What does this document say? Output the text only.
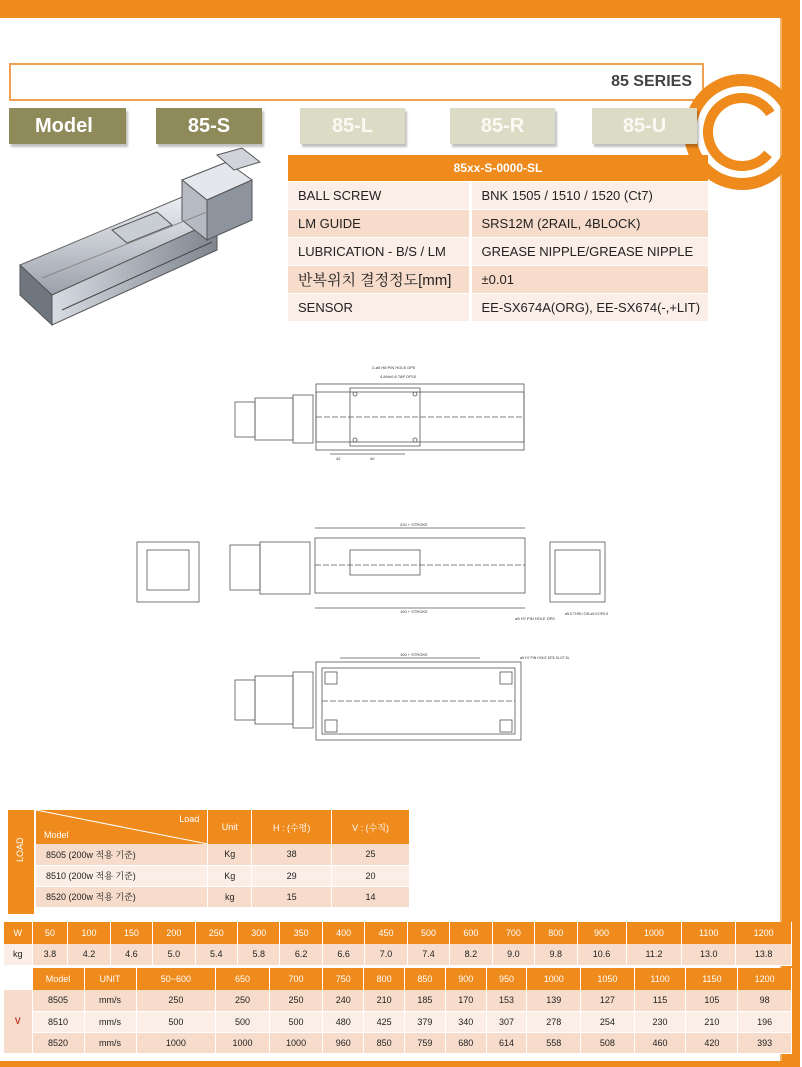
85 SERIES
Model	85-S	85-L	85-R	85-U
85xx-S-0000-SL	
BALL SCREW	BNK 1505 / 1510 / 1520 (Ct7)
LM GUIDE	SRS12M (2RAIL, 4BLOCK)
LUBRICATION - B/S / LM	GREASE NIPPLE/GREASE NIPPLE
반복위치 결정정도[mm]	±0.01
SENSOR	EE-SX674A(ORG), EE-SX674(-,+LIT)
2-ø5 H8 PIN HOLE DP5
4-M4x0.6 TAP DP10
42	40
220 + STROKE
100 + STROKE
ø5 H7 PIN HOLE DP5
ø5.5 THRU C/B ø9.5 DP5.5
100 + STROKE
ø5 H7 PIN HOLE DP5 SLOT 5L
LOAD
Load
Model	Unit	H : (수평)	V : (수직)
8505 (200w 적용 기준)	Kg	38	25
8510 (200w 적용 기준)	Kg	29	20
8520 (200w 적용 기준)	kg	15	14
W	50	100	150	200	250	300	350	400	450	500	600	700	800	900	1000	1100	1200
kg	3.8	4.2	4.6	5.0	5.4	5.8	6.2	6.6	7.0	7.4	8.2	9.0	9.8	10.6	11.2	13.0	13.8
	Model	UNIT	50~600	650	700	750	800	850	900	950	1000	1050	1100	1150	1200
V	8505	mm/s	250	250	250	240	210	185	170	153	139	127	115	105	98
	8510	mm/s	500	500	500	480	425	379	340	307	278	254	230	210	196
	8520	mm/s	1000	1000	1000	960	850	759	680	614	558	508	460	420	393
